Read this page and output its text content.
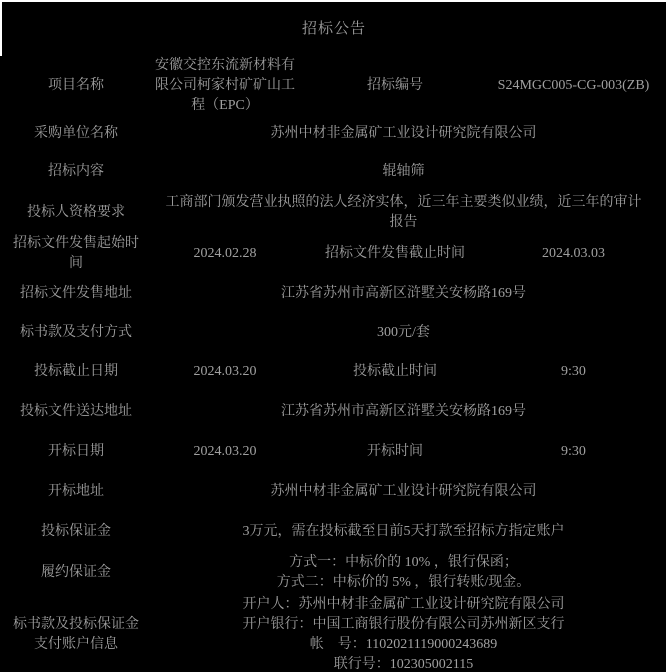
招标公告				
项目名称	安徽交控东流新材料有限公司柯家村矿矿山工程（EPC）	招标编号	S24MGC005-CG-003(ZB)	
采购单位名称	苏州中材非金属矿工业设计研究院有限公司			
招标内容	辊轴筛			
投标人资格要求	工商部门颁发营业执照的法人经济实体，近三年主要类似业绩，近三年的审计报告			
招标文件发售起始时间	2024.02.28	招标文件发售截止时间	2024.03.03	
招标文件发售地址	江苏省苏州市高新区浒墅关安杨路169号			
标书款及支付方式	300元/套			
投标截止日期	2024.03.20	投标截止时间	9:30	
投标文件送达地址	江苏省苏州市高新区浒墅关安杨路169号			
开标日期	2024.03.20	开标时间	9:30	
开标地址	苏州中材非金属矿工业设计研究院有限公司			
投标保证金	3万元，需在投标截至日前5天打款至招标方指定账户			
履约保证金	方式一：中标价的 10% ，银行保函；
方式二：中标价的 5% ，银行转账/现金。			

标书款及投标保证金支付账户信息	开户人：苏州中材非金属矿工业设计研究院有限公司
开户银行：中国工商银行股份有限公司苏州新区支行
帐　号：1102021119000243689
联行号：102305002115			
